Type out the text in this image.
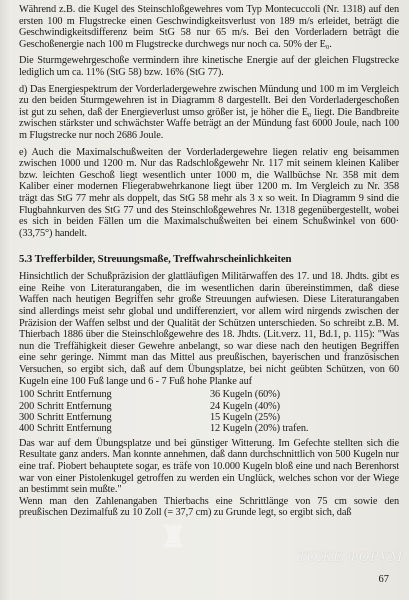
Während z.B. die Kugel des Steinschloßgewehres vom Typ Montecuccoli (Nr. 1318) auf den ersten 100 m Flugstrecke einen Geschwindigkeitsverlust von 189 m/s erleidet, beträgt die Geschwindigkeitsdifferenz beim StG 58 nur 65 m/s. Bei den Vorderladern beträgt die Geschoßenergie nach 100 m Flugstrecke durchwegs nur noch ca. 50% der E₀.

Die Sturmgewehrgeschoße vermindern ihre kinetische Energie auf der gleichen Flugstrecke lediglich um ca. 11% (StG 58) bzw. 16% (StG 77).

d) Das Energiespektrum der Vorderladergewehre zwischen Mündung und 100 m im Vergleich zu den beiden Sturmgewehren ist in Diagramm 8 dargestellt. Bei den Vorderladergeschoßen ist gut zu sehen, daß der Energieverlust umso größer ist, je höher die E₀ liegt. Die Bandbreite zwischen stärkster und schwächster Waffe beträgt an der Mündung fast 6000 Joule, nach 100 m Flugstrecke nur noch 2686 Joule.

e) Auch die Maximalschußweiten der Vorderladergewehre liegen relativ eng beisammen zwischen 1000 und 1200 m. Nur das Radschloßgewehr Nr. 117 mit seinem kleinen Kaliber bzw. leichten Geschoß liegt wesentlich unter 1000 m, die Wallbüchse Nr. 358 mit dem Kaliber einer modernen Fliegerabwehrkanone liegt über 1200 m. Im Vergleich zu Nr. 358 trägt das StG 77 mehr als doppelt, das StG 58 mehr als 3 x so weit. In Diagramm 9 sind die Flugbahnkurven des StG 77 und des Steinschloßgewehres Nr. 1318 gegenübergestellt, wobei es sich in beiden Fällen um die Maximalschußweiten bei einem Schußwinkel von 600· (33,75°) handelt.

5.3 Trefferbilder, Streuungsmaße, Treffwahrscheinlichkeiten

Hinsichtlich der Schußpräzision der glattläufigen Militärwaffen des 17. und 18. Jhdts. gibt es eine Reihe von Literaturangaben, die im wesentlichen darin übereinstimmen, daß diese Waffen nach heutigen Begriffen sehr große Streuungen aufwiesen. Diese Literaturangaben sind allerdings meist sehr global und undifferenziert, vor allem wird nirgends zwischen der Präzision der Waffen selbst und der Qualität der Schützen unterschieden. So schreibt z.B. M. Thierbach 1886 über die Steinschloßgewehre des 18. Jhdts. (Lit.verz. 11, Bd.1, p. 115): "Was nun die Treffähigkeit dieser Gewehre anbelangt, so war diese nach den heutigen Begriffen eine sehr geringe. Nimmt man das Mittel aus preußischen, bayerischen und französischen Versuchen, so ergibt sich, daß auf dem Übungsplatze, bei nicht geübten Schützen, von 60 Kugeln eine 100 Fuß lange und 6 - 7 Fuß hohe Planke auf

100 Schritt Entfernung	36 Kugeln (60%)
200 Schritt Entfernung	24 Kugeln (40%)
300 Schritt Entfernung	15 Kugeln (25%)
400 Schritt Entfernung	12 Kugeln (20%) trafen.

Das war auf dem Übungsplatze und bei günstiger Witterung. Im Gefechte stellten sich die Resultate ganz anders. Man konnte annehmen, daß dann durchschnittlich von 500 Kugeln nur eine traf. Piobert behauptete sogar, es träfe von 10.000 Kugeln bloß eine und nach Berenhorst war von einer Pistolenkugel getroffen zu werden ein Unglück, welches schon vor der Wiege an bestimmt sein mußte."

Wenn man den Zahlenangaben Thierbachs eine Schrittlänge von 75 cm sowie den preußischen Dezimalfuß zu 10 Zoll (= 37,7 cm) zu Grunde legt, so ergibt sich, daß

♜
ТОЖЕ ФОРУМ
67
